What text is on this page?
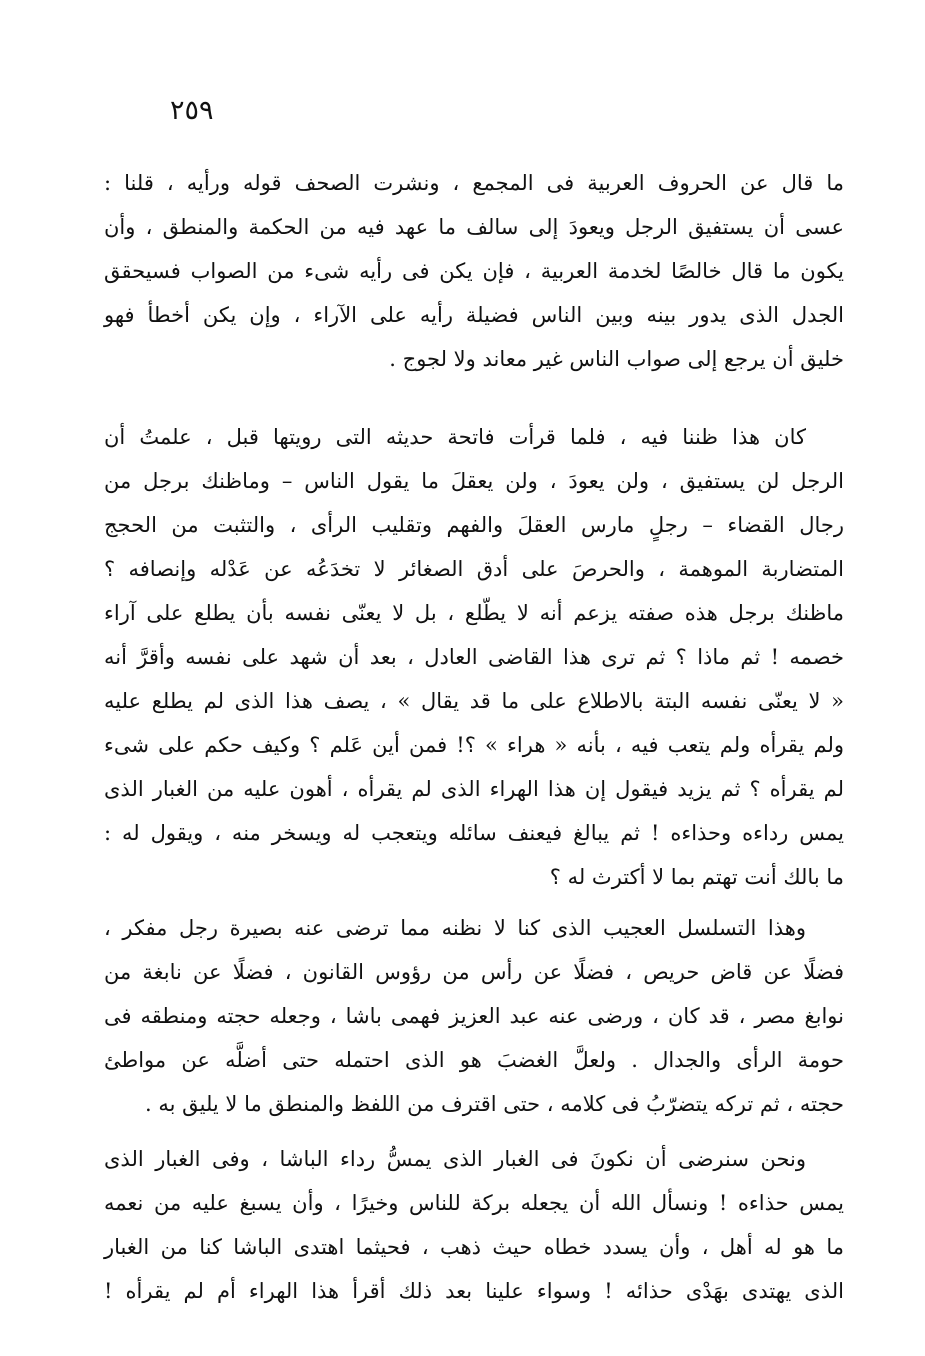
٢٥٩
ما قال عن الحروف العربية فى المجمع ، ونشرت الصحف قوله ورأيه ، قلنا :
عسى أن يستفيق الرجل ويعودَ إلى سالف ما عهد فيه من الحكمة والمنطق ، وأن
يكون ما قال خالصًا لخدمة العربية ، فإن يكن فى رأيه شىء من الصواب فسيحقق
الجدل الذى يدور بينه وبين الناس فضيلة رأيه على الآراء ، وإن يكن أخطأ فهو
خليق أن يرجع إلى صواب الناس غير معاند ولا لجوج .
كان هذا ظننا فيه ، فلما قرأت فاتحة حديثه التى رويتها قبل ، علمتُ أن
الرجل لن يستفيق ، ولن يعودَ ، ولن يعقلَ ما يقول الناس – وماظنك برجل من
رجال القضاء – رجلٍ مارس العقلَ والفهم وتقليب الرأى ، والتثبت من الحجج
المتضاربة الموهمة ، والحرصَ على أدق الصغائر لا تخدَعُه عن عَدْله وإنصافه ؟
ماظنك برجل هذه صفته يزعم أنه لا يطّلع ، بل لا يعنّى نفسه بأن يطلع على آراء
خصمه ! ثم ماذا ؟ ثم ترى هذا القاضى العادل ، بعد أن شهد على نفسه وأقرَّ أنه
« لا يعنّى نفسه البتة بالاطلاع على ما قد يقال » ، يصف هذا الذى لم يطلع عليه
ولم يقرأه ولم يتعب فيه ، بأنه « هراء » ؟! فمن أين عَلم ؟ وكيف حكم على شىء
لم يقرأه ؟ ثم يزيد فيقول إن هذا الهراء الذى لم يقرأه ، أهون عليه من الغبار الذى
يمس رداءه وحذاءه ! ثم يبالغ فيعنف سائله ويتعجب له ويسخر منه ، ويقول له :
ما بالك أنت تهتم بما لا أكترث له ؟
وهذا التسلسل العجيب الذى كنا لا نظنه مما ترضى عنه بصيرة رجل مفكر ،
فضلًا عن قاض حريص ، فضلًا عن رأس من رؤوس القانون ، فضلًا عن نابغة من
نوابغ مصر ، قد كان ، ورضى عنه عبد العزيز فهمى باشا ، وجعله حجته ومنطقه فى
حومة الرأى والجدال . ولعلَّ الغضبَ هو الذى احتمله حتى أضلَّه عن مواطئ
حجته ، ثم تركه يتضرّبُ فى كلامه ، حتى اقترف من اللفظ والمنطق ما لا يليق به .
ونحن سنرضى أن نكونَ فى الغبار الذى يمسُّ رداء الباشا ، وفى الغبار الذى
يمس حذاءه ! ونسأل الله أن يجعله بركة للناس وخيرًا ، وأن يسبغ عليه من نعمه
ما هو له أهل ، وأن يسدد خطاه حيث ذهب ، فحيثما اهتدى الباشا كنا من الغبار
الذى يهتدى بهَدْى حذائه ! وسواء علينا بعد ذلك أقرأ هذا الهراء أم لم يقرأه !
